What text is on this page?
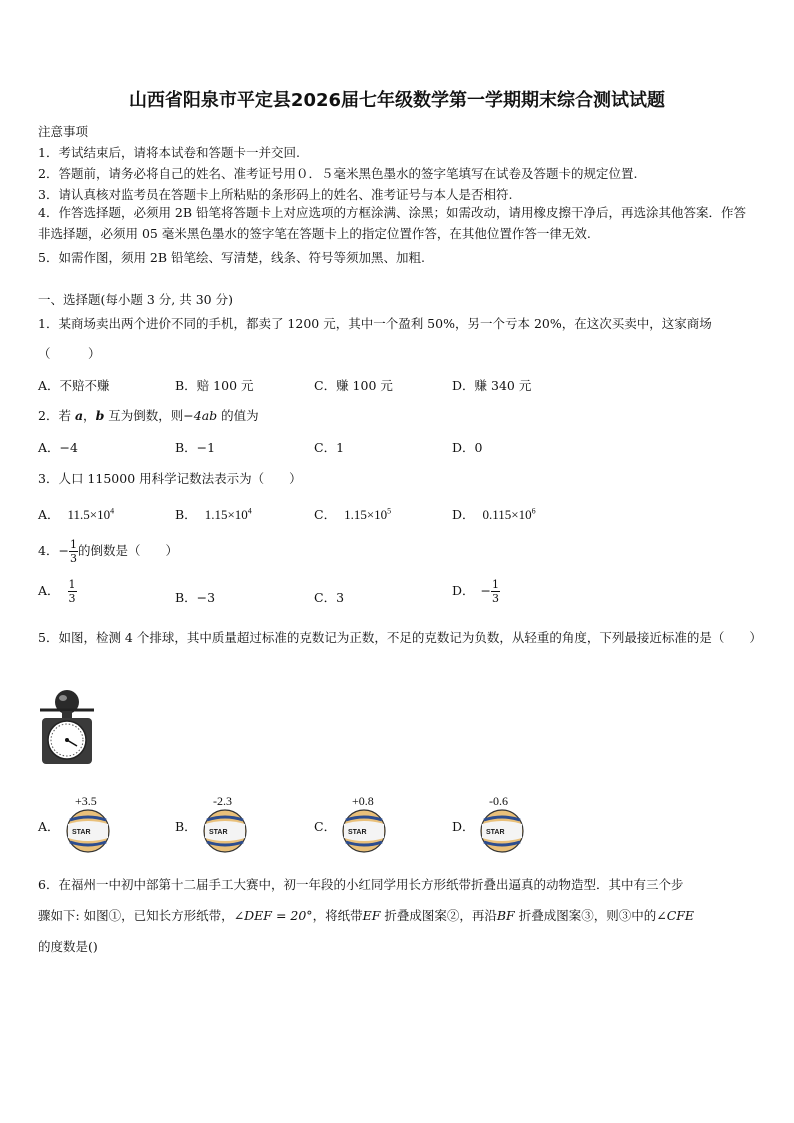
山西省阳泉市平定县2026届七年级数学第一学期期末综合测试试题
注意事项
1．考试结束后，请将本试卷和答题卡一并交回.
2．答题前，请务必将自己的姓名、准考证号用０．５毫米黑色墨水的签字笔填写在试卷及答题卡的规定位置.
3．请认真核对监考员在答题卡上所粘贴的条形码上的姓名、准考证号与本人是否相符.
4．作答选择题，必须用 2B 铅笔将答题卡上对应选项的方框涂满、涂黑；如需改动，请用橡皮擦干净后，再选涂其他答案．作答非选择题，必须用 05 毫米黑色墨水的签字笔在答题卡上的指定位置作答，在其他位置作答一律无效.
5．如需作图，须用 2B 铅笔绘、写清楚，线条、符号等须加黑、加粗.
一、选择题(每小题 3 分, 共 30 分)
1．某商场卖出两个进价不同的手机，都卖了 1200 元，其中一个盈利 50%，另一个亏本 20%，在这次买卖中，这家商场
（　　　）
A．不赔不赚	B．赔 100 元	C．赚 100 元	D．赚 340 元
2．若 a，b 互为倒数，则−4ab 的值为
A．−4	B．−1	C．1	D．0
3．人口 115000 用科学记数法表示为（　　）
A． $11.5\times 10^4$	B． $1.15\times 10^4$	C． $1.15\times 10^5$	D． $0.115\times 10^6$
4．− $\frac{1}{3}$ 的倒数是（　　）
A． $\frac{1}{3}$	B．−3	C．3	D． − $\frac{1}{3}$
5．如图，检测 4 个排球，其中质量超过标准的克数记为正数，不足的克数记为负数，从轻重的角度，下列最接近标准的是（　　）
A．	B．	C．	D．
+3.5	-2.3	+0.8	-0.6
STAR	STAR	STAR	STAR
6．在福州一中初中部第十二届手工大赛中，初一年段的小红同学用长方形纸带折叠出逼真的动物造型．其中有三个步
骤如下: 如图①，已知长方形纸带，∠DEF = 20°，将纸带EF 折叠成图案②，再沿BF 折叠成图案③，则③中的∠CFE
的度数是()
